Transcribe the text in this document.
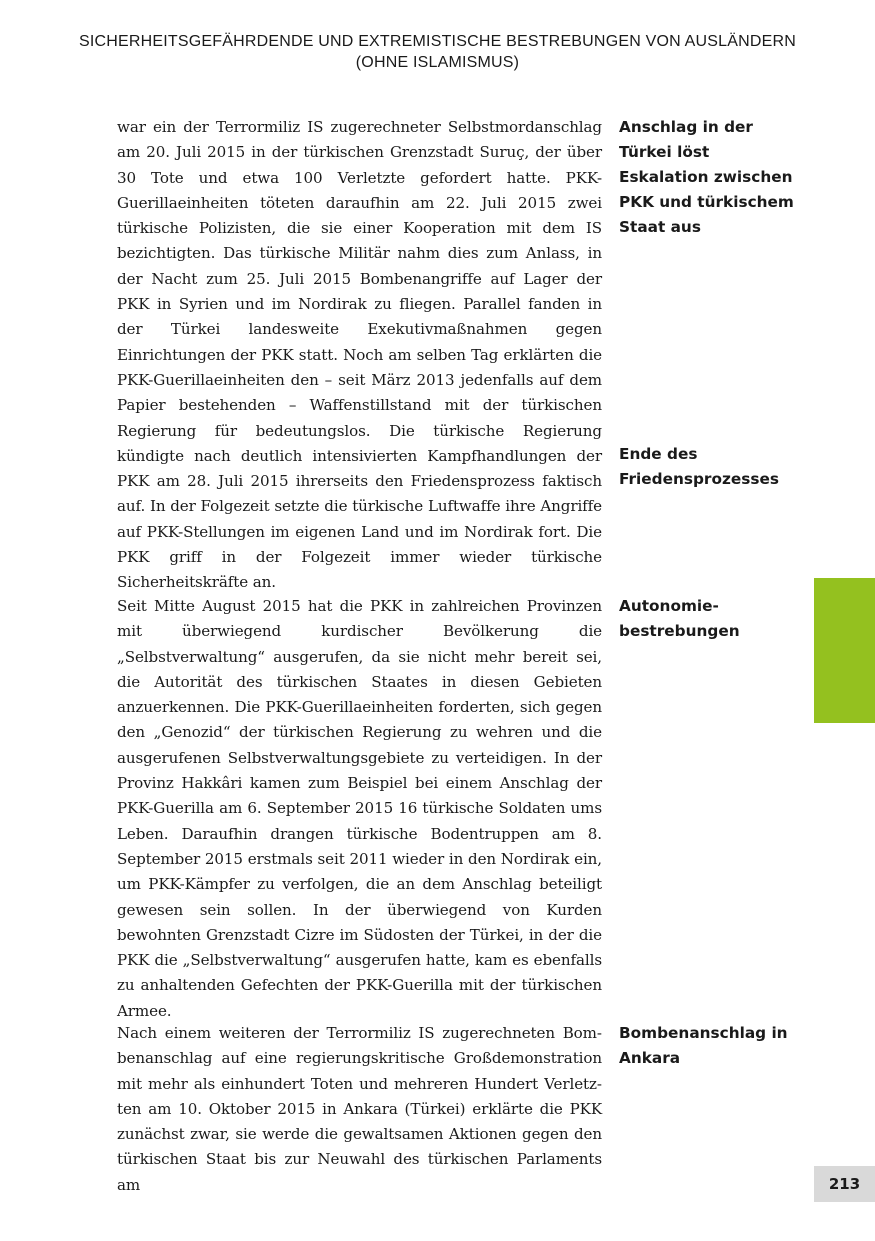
SICHERHEITSGEFÄHRDENDE UND EXTREMISTISCHE BESTREBUNGEN VON AUSLÄNDERN
(OHNE ISLAMISMUS)

war ein der Terrormiliz IS zugerechneter Selbstmordanschlag am 20. Juli 2015 in der türkischen Grenzstadt Suruç, der über 30 Tote und etwa 100 Verletzte gefordert hatte. PKK-Guerillaeinheiten töteten daraufhin am 22. Juli 2015 zwei türkische Polizisten, die sie einer Kooperation mit dem IS bezichtigten. Das türkische Militär nahm dies zum Anlass, in der Nacht zum 25. Juli 2015 Bombenangriffe auf Lager der PKK in Syrien und im Nordirak zu fliegen. Parallel fanden in der Türkei landesweite Exekutivmaßnahmen gegen Einrichtungen der PKK statt. Noch am selben Tag erklärten die PKK-Guerillaeinheiten den – seit März 2013 jedenfalls auf dem Papier bestehenden – Waffenstillstand mit der türkischen Regierung für bedeutungslos. Die türkische Regierung kündigte nach deutlich intensivierten Kampfhandlungen der PKK am 28. Juli 2015 ihrerseits den Friedensprozess faktisch auf. In der Folgezeit setzte die türkische Luftwaffe ihre Angriffe auf PKK-Stellungen im eigenen Land und im Nordirak fort. Die PKK griff in der Folgezeit immer wieder türkische Sicherheitskräfte an.

Seit Mitte August 2015 hat die PKK in zahlreichen Provinzen mit überwiegend kurdischer Bevölkerung die „Selbstverwaltung“ ausgerufen, da sie nicht mehr bereit sei, die Autorität des türkischen Staates in diesen Gebieten anzuerkennen. Die PKK-Guerillaeinheiten forderten, sich gegen den „Genozid“ der türkischen Regierung zu wehren und die ausgerufenen Selbstverwaltungsgebiete zu verteidigen. In der Provinz Hakkâri kamen zum Beispiel bei einem Anschlag der PKK-Guerilla am 6. September 2015 16 türkische Soldaten ums Leben. Daraufhin drangen türkische Bodentruppen am 8. September 2015 erstmals seit 2011 wieder in den Nordirak ein, um PKK-Kämpfer zu verfolgen, die an dem Anschlag beteiligt gewesen sein sollen. In der überwiegend von Kurden bewohnten Grenzstadt Cizre im Südosten der Türkei, in der die PKK die „Selbstverwaltung“ ausgerufen hatte, kam es ebenfalls zu anhaltenden Gefechten der PKK-Guerilla mit der türkischen Armee.

Nach einem weiteren der Terrormiliz IS zugerechneten Bombenanschlag auf eine regierungskritische Großdemonstration mit mehr als einhundert Toten und mehreren Hundert Verletzten am 10. Oktober 2015 in Ankara (Türkei) erklärte die PKK zunächst zwar, sie werde die gewaltsamen Aktionen gegen den türkischen Staat bis zur Neuwahl des türkischen Parlaments am

Anschlag in der Türkei löst Eskalation zwischen PKK und türkischem Staat aus
Ende des Friedensprozesses
Autonomiebestrebungen
Bombenanschlag in Ankara
213
